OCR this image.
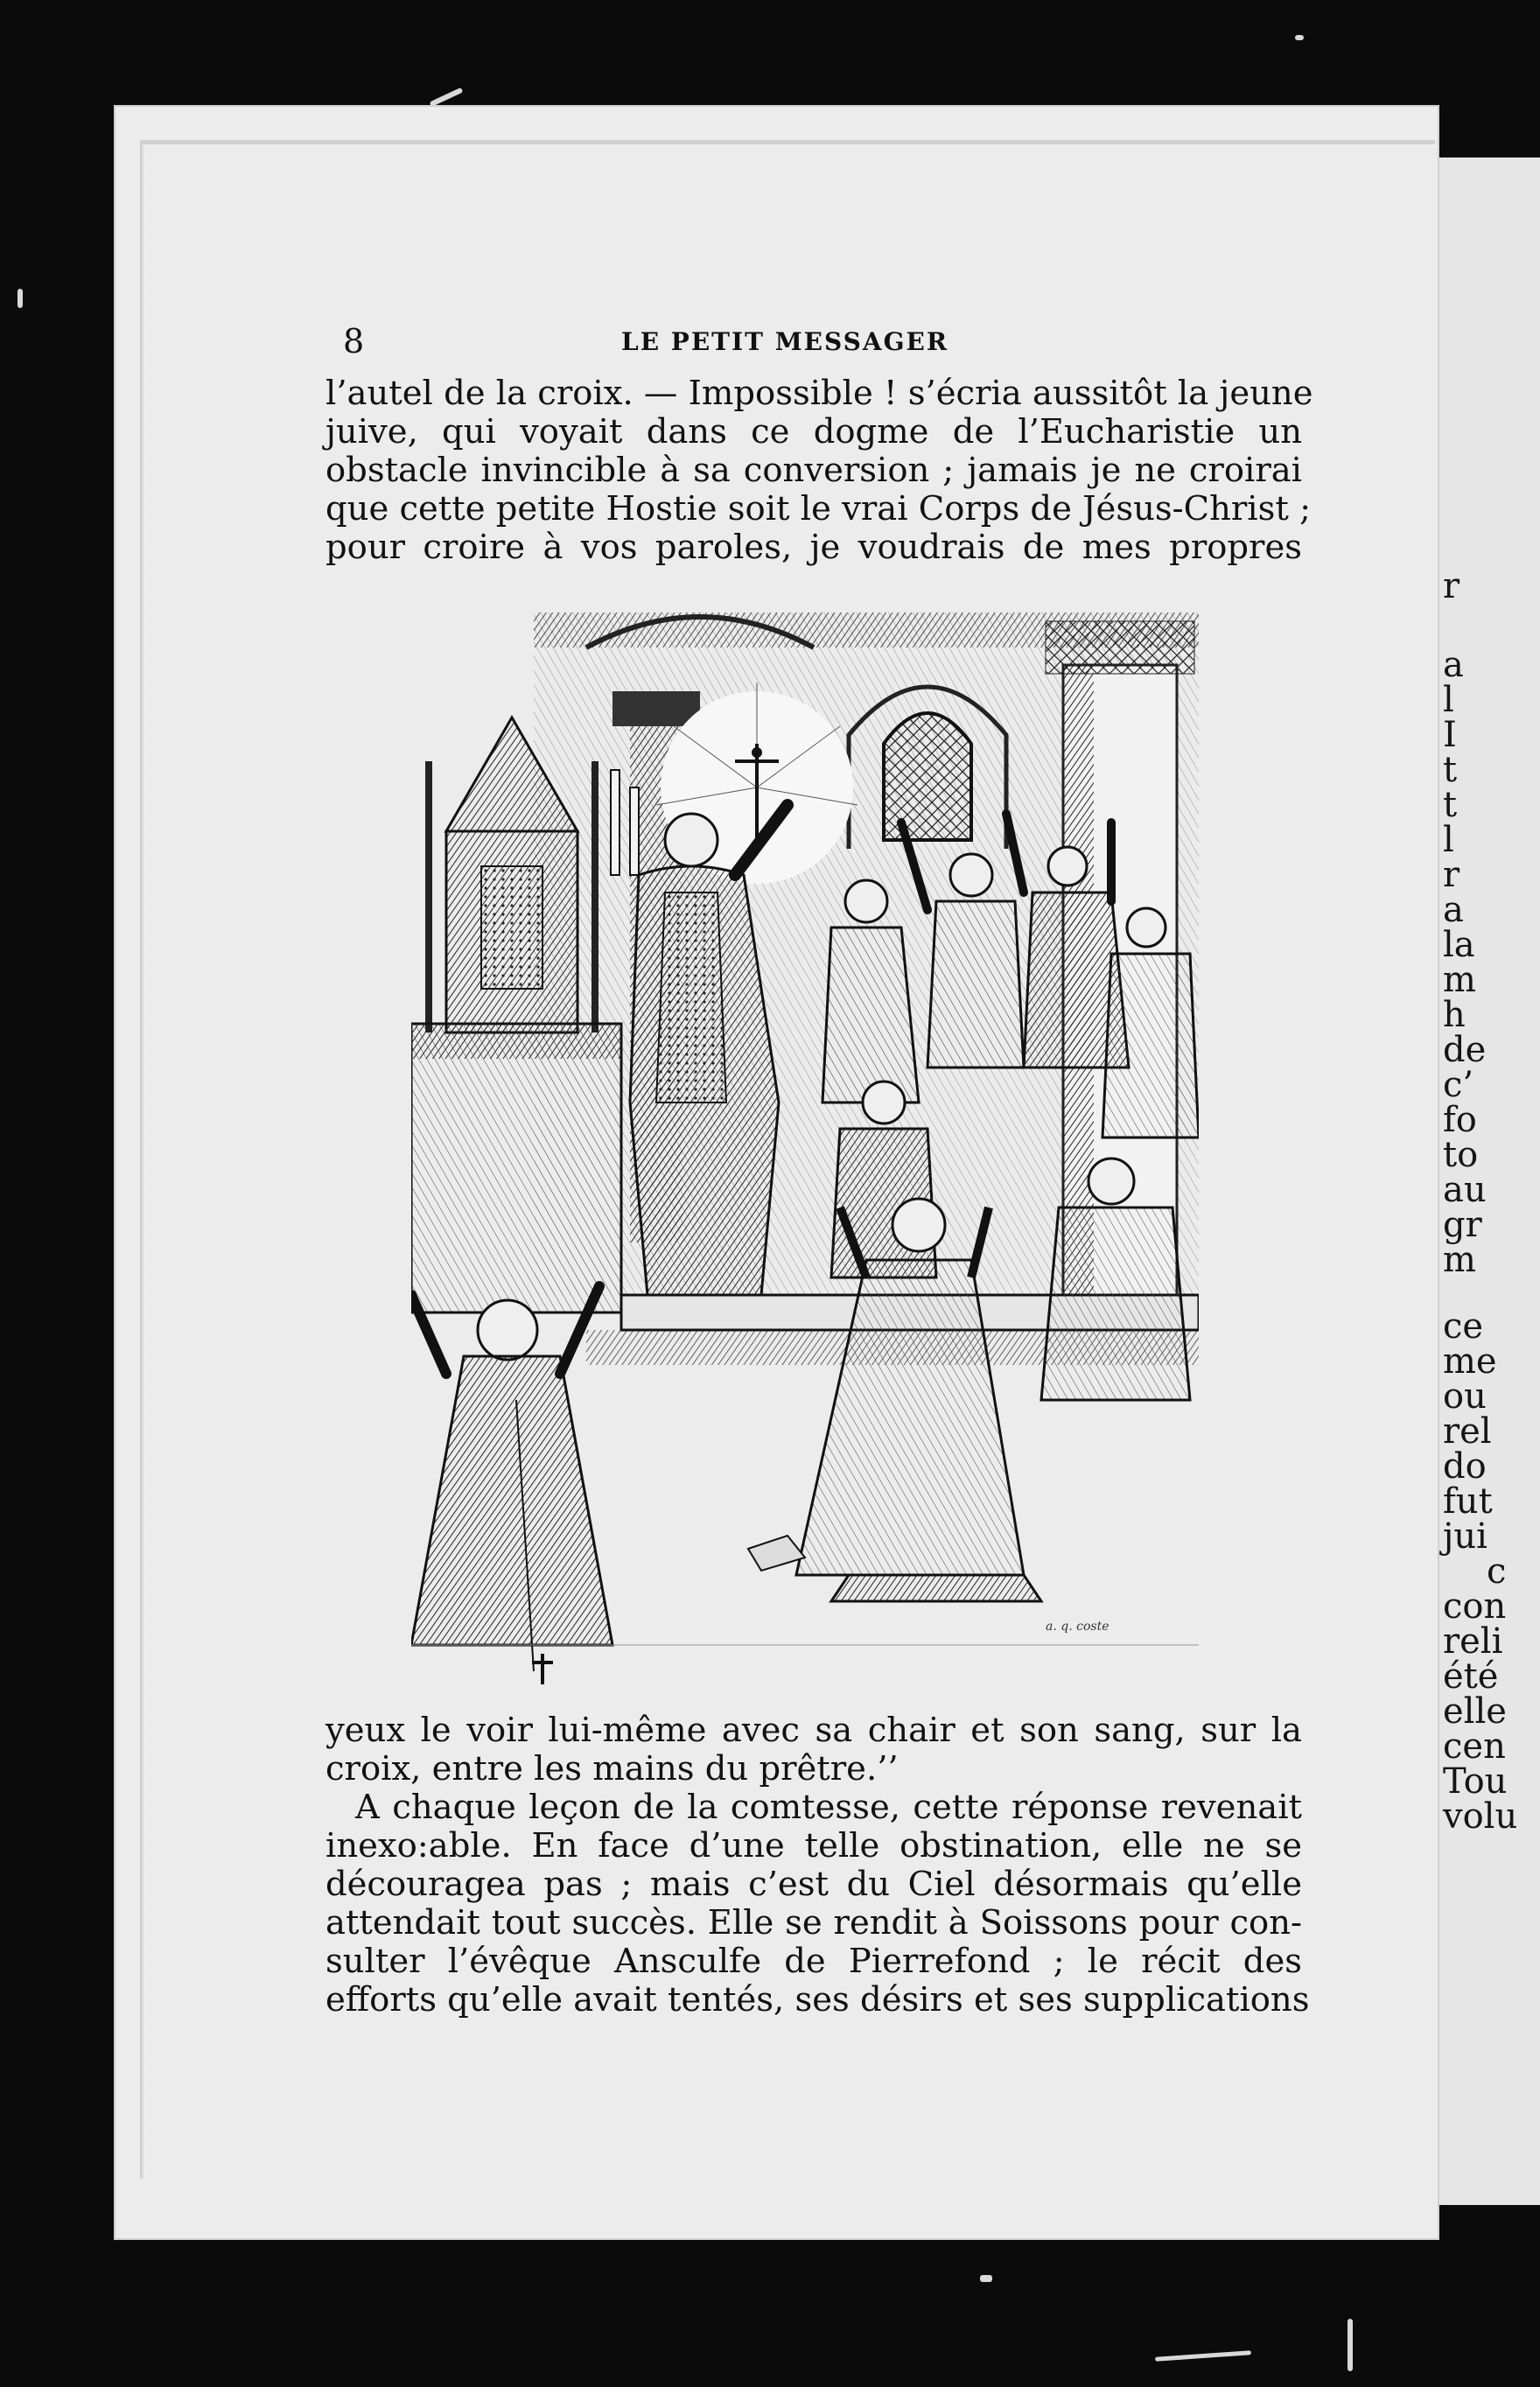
r
a
l
I
t
t
l
r
a
la
m
h
de
c’
fo
to
au
gr
m
ce
me
ou
rel
do
fut
jui
c
con
reli
été
elle
cen
Tou
volu
8	LE PETIT MESSAGER
l’autel de la croix. — Impossible ! s’écria aussitôt la jeune
juive, qui voyait dans ce dogme de l’Eucharistie un
obstacle invincible à sa conversion ; jamais je ne croirai
que cette petite Hostie soit le vrai Corps de Jésus-Christ ;
pour croire à vos paroles, je voudrais de mes propres
a. q. coste
yeux le voir lui-même avec sa chair et son sang, sur la
croix, entre les mains du prêtre.’’
A chaque leçon de la comtesse, cette réponse revenait
inexo:able. En face d’une telle obstination, elle ne se
découragea pas ; mais c’est du Ciel désormais qu’elle
attendait tout succès. Elle se rendit à Soissons pour con-
sulter l’évêque Ansculfe de Pierrefond ; le récit des
efforts qu’elle avait tentés, ses désirs et ses supplications
